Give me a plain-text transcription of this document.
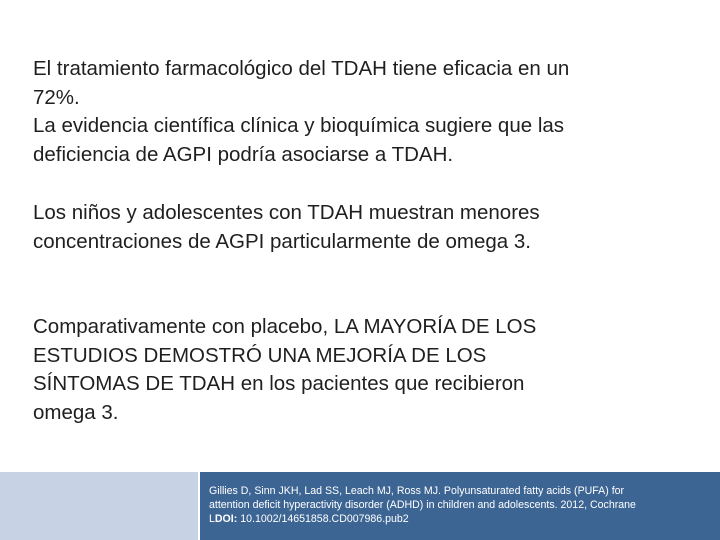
El tratamiento farmacológico del TDAH tiene eficacia en un
72%.

La evidencia científica clínica y bioquímica sugiere que las
deficiencia de AGPI podría asociarse a TDAH.

Los niños y adolescentes con TDAH muestran menores
concentraciones de AGPI particularmente de omega 3.

Comparativamente con placebo, LA MAYORÍA DE LOS
ESTUDIOS DEMOSTRÓ UNA MEJORÍA DE LOS
SÍNTOMAS DE TDAH en los pacientes que recibieron
omega 3.

Gillies D, Sinn JKH, Lad SS, Leach MJ, Ross MJ. Polyunsaturated fatty acids (PUFA) for
attention deficit hyperactivity disorder (ADHD) in children and adolescents. 2012, Cochrane
LDOI: 10.1002/14651858.CD007986.pub2
